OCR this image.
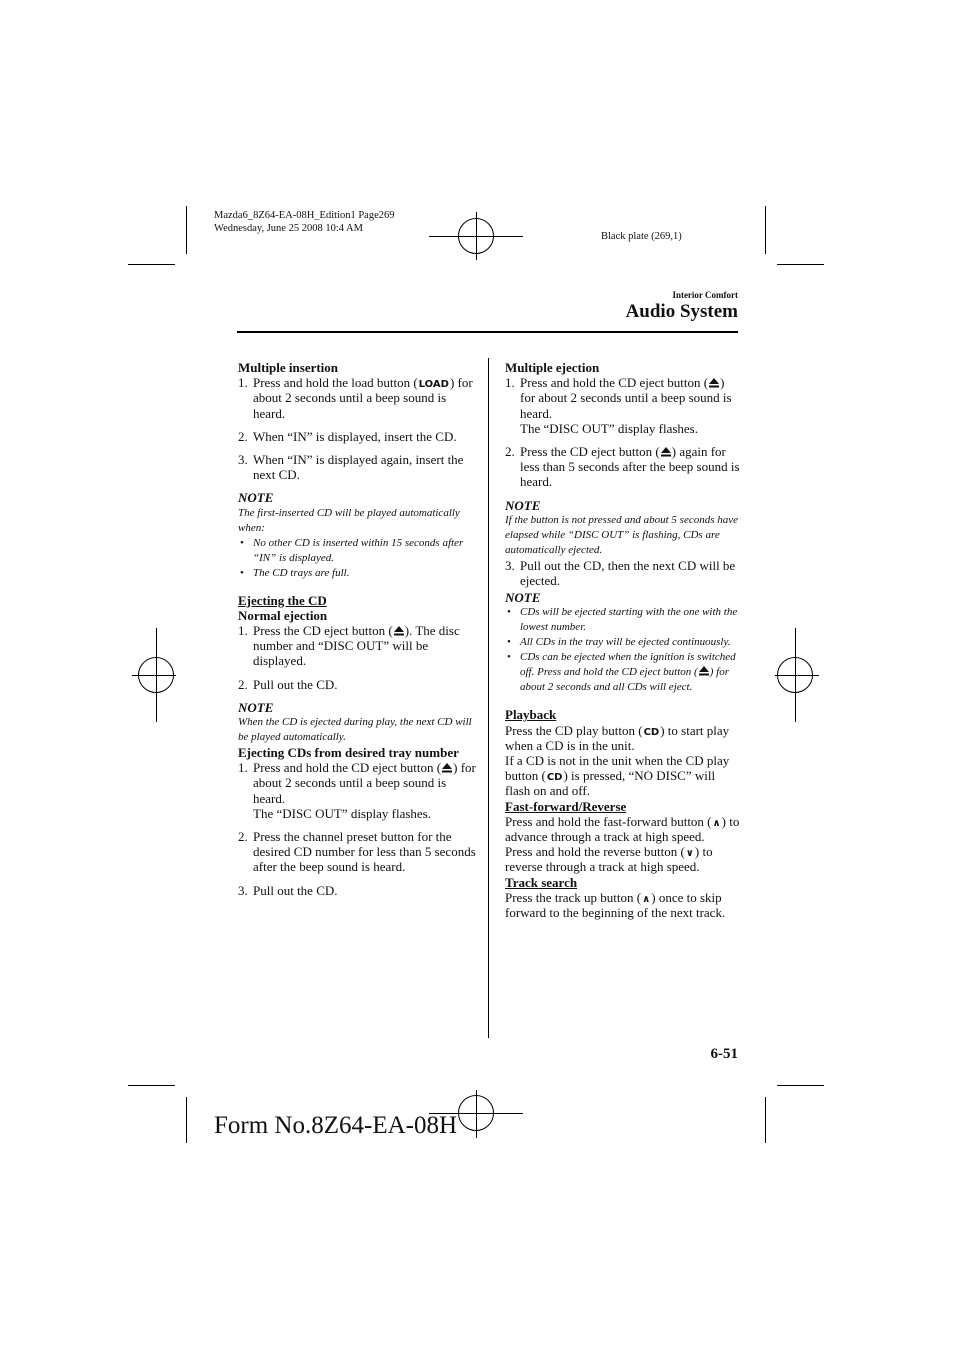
Mazda6_8Z64-EA-08H_Edition1 Page269
Wednesday, June 25 2008 10:4 AM
Black plate (269,1)
Interior Comfort
Audio System

Multiple insertion

1. Press and hold the load button (LOAD) for about 2 seconds until a beep sound is heard.
2. When “IN” is displayed, insert the CD.
3. When “IN” is displayed again, insert the next CD.

NOTE

The first-inserted CD will be played automatically when:
• No other CD is inserted within 15 seconds after “IN” is displayed.
• The CD trays are full.

Ejecting the CD

Normal ejection

1. Press the CD eject button ( ). The disc number and “DISC OUT” will be displayed.
2. Pull out the CD.

NOTE

When the CD is ejected during play, the next CD will be played automatically.

Ejecting CDs from desired tray number

1. Press and hold the CD eject button ( ) for about 2 seconds until a beep sound is heard.
The “DISC OUT” display flashes.
2. Press the channel preset button for the desired CD number for less than 5 seconds after the beep sound is heard.
3. Pull out the CD.

Multiple ejection

1. Press and hold the CD eject button ( ) for about 2 seconds until a beep sound is heard.
The “DISC OUT” display flashes.
2. Press the CD eject button ( ) again for less than 5 seconds after the beep sound is heard.

NOTE

If the button is not pressed and about 5 seconds have elapsed while “DISC OUT” is flashing, CDs are automatically ejected.

3. Pull out the CD, then the next CD will be ejected.

NOTE

• CDs will be ejected starting with the one with the lowest number.
• All CDs in the tray will be ejected continuously.
• CDs can be ejected when the ignition is switched off. Press and hold the CD eject button ( ) for about 2 seconds and all CDs will eject.

Playback

Press the CD play button (CD) to start play when a CD is in the unit.
If a CD is not in the unit when the CD play button (CD) is pressed, “NO DISC” will flash on and off.

Fast-forward/Reverse

Press and hold the fast-forward button (∧) to advance through a track at high speed.
Press and hold the reverse button (∨) to reverse through a track at high speed.

Track search

Press the track up button (∧) once to skip forward to the beginning of the next track.

6-51
Form No.8Z64-EA-08H
